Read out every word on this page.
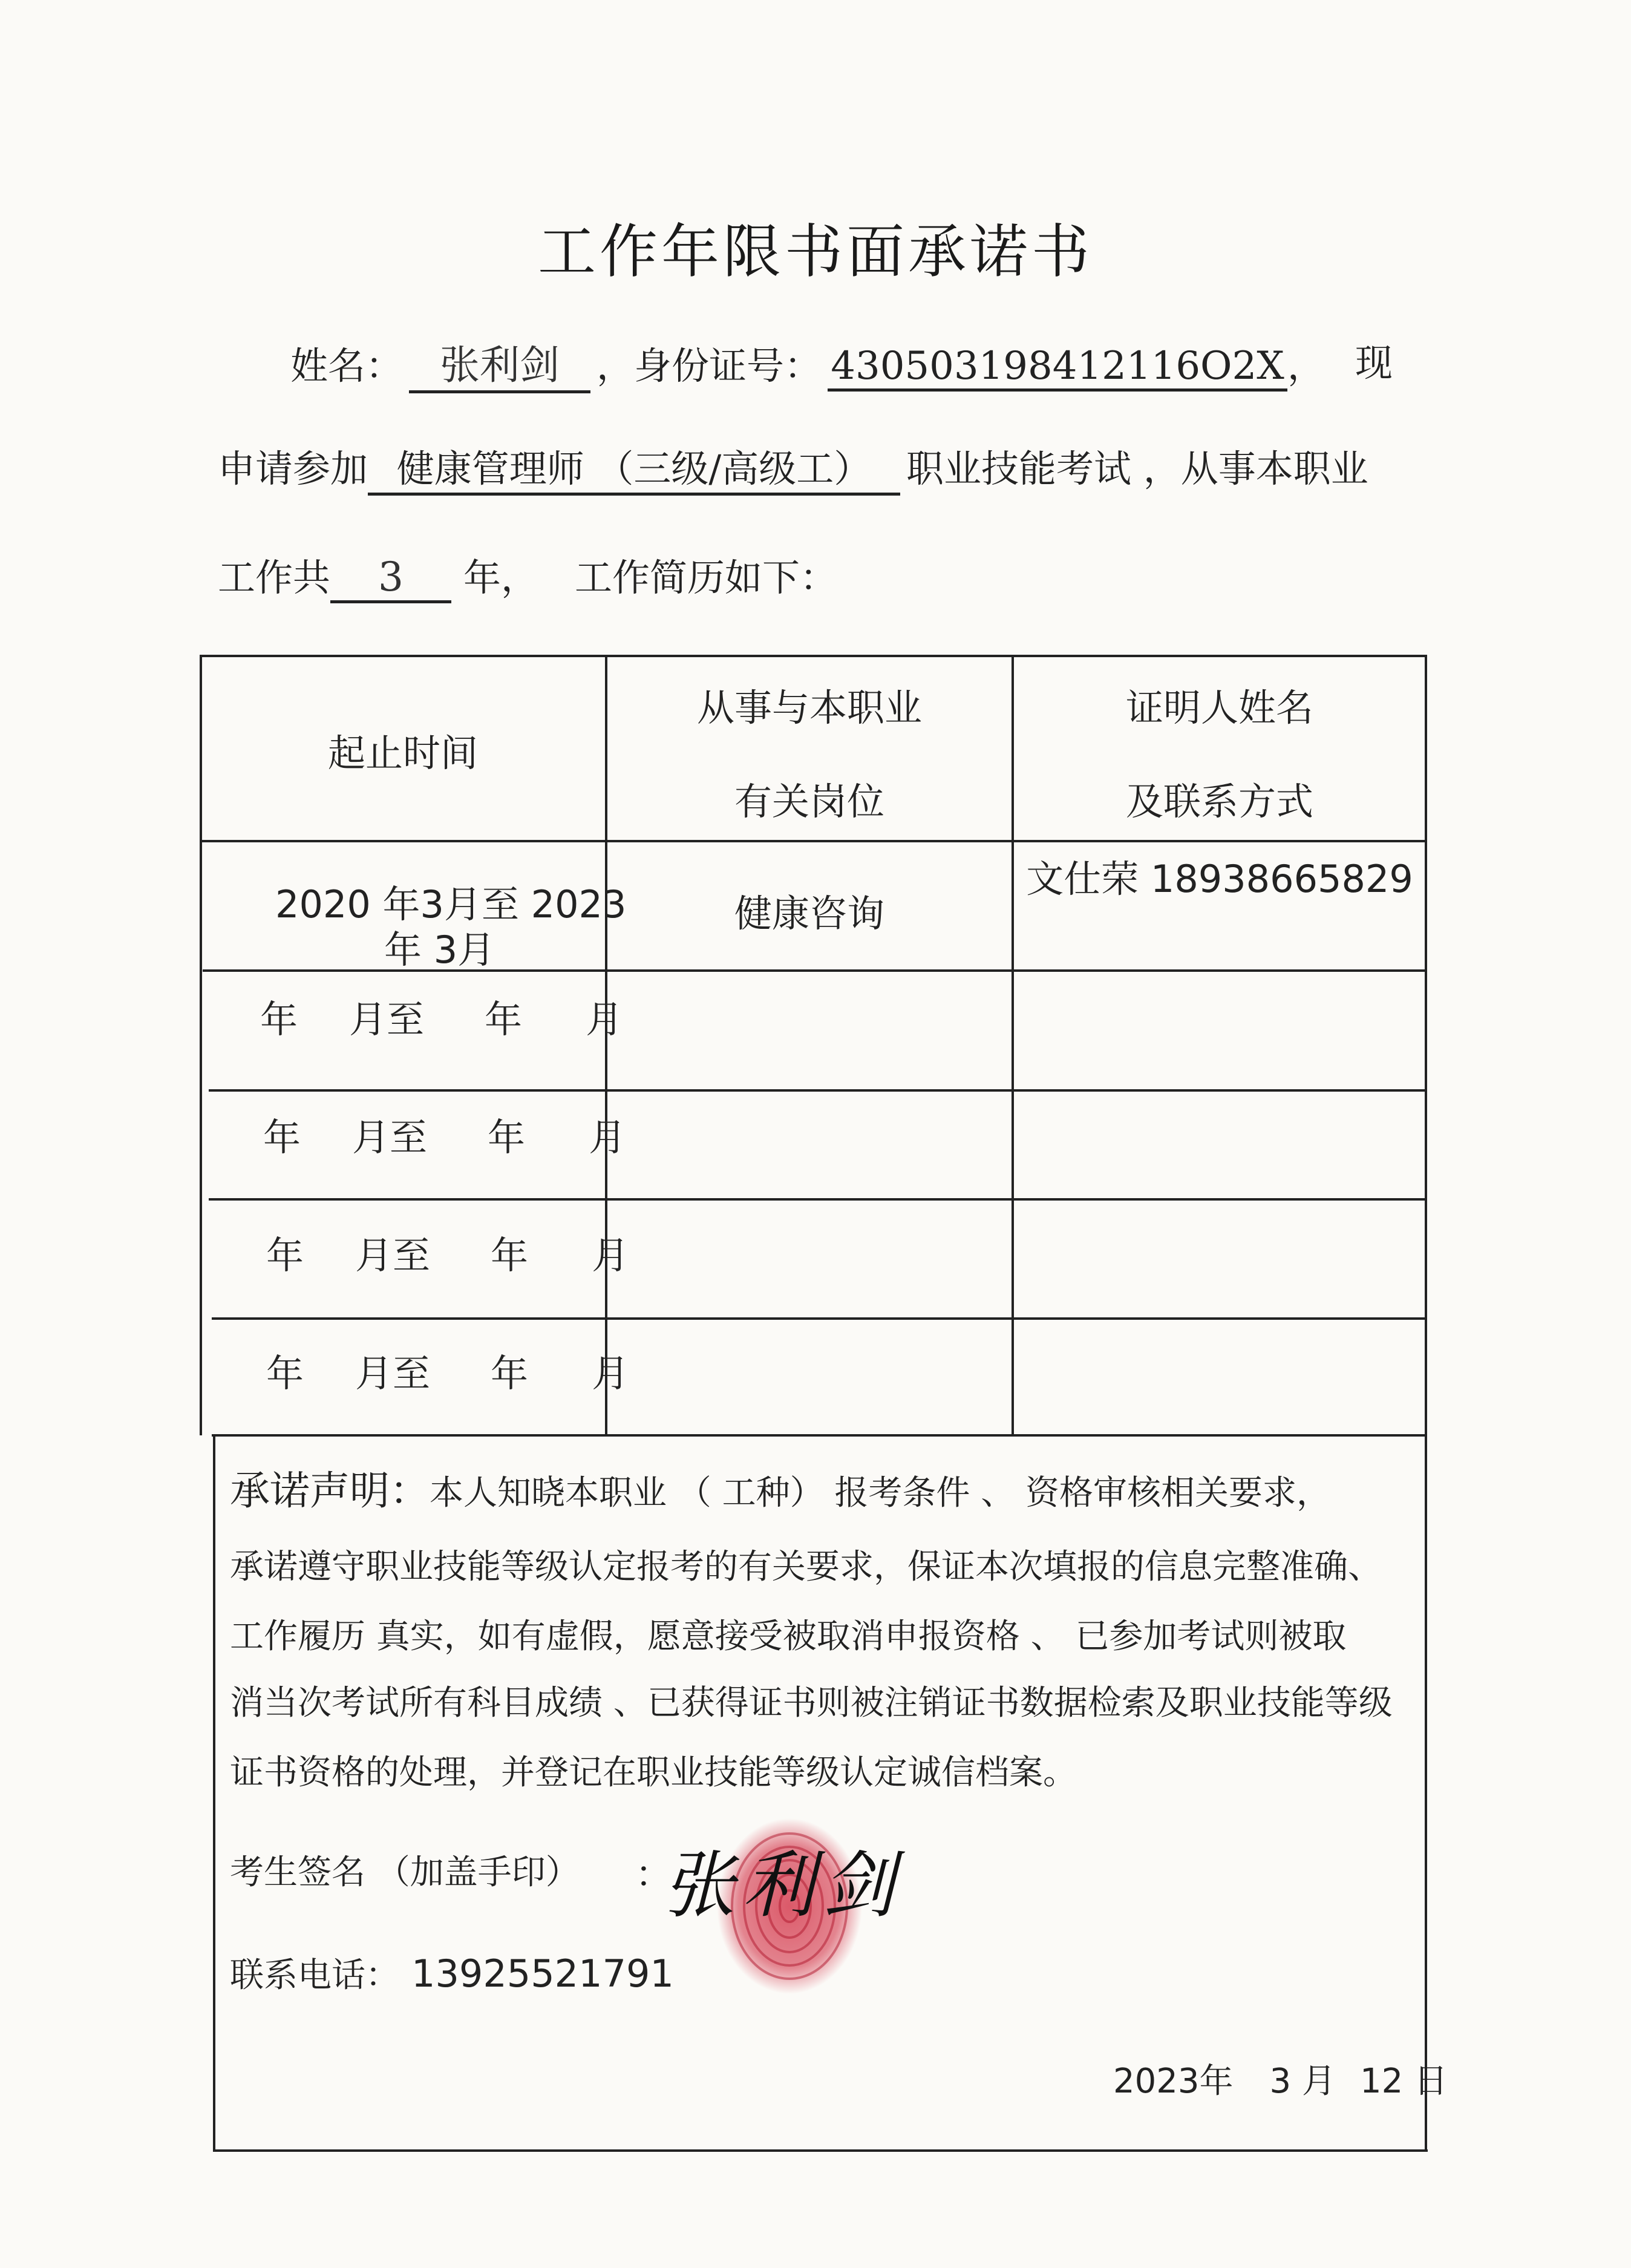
工作年限书面承诺书
姓名： 张利剑 ，身份证号： 430503198412116O2X， 现
申请参加 健康管理师 （三级/高级工） 职业技能考试 ，从事本职业
工作共 3 年， 工作简历如下：
起止时间
从事与本职业
有关岗位
证明人姓名
及联系方式
2020 年3月至 2023
年 3月
健康咨询
文仕荣 18938665829
年 月至 年 月
年 月至 年 月
年 月至 年 月
年 月至 年 月
承诺声明：本人知晓本职业 （ 工种） 报考条件 、 资格审核相关要求，
承诺遵守职业技能等级认定报考的有关要求，保证本次填报的信息完整准确、
工作履历 真实，如有虚假，愿意接受被取消申报资格 、 已参加考试则被取
消当次考试所有科目成绩 、已获得证书则被注销证书数据检索及职业技能等级
证书资格的处理，并登记在职业技能等级认定诚信档案。
考生签名 （加盖手印） ：
张利剑
联系电话： 13925521791
2023年 3 月 12 日
